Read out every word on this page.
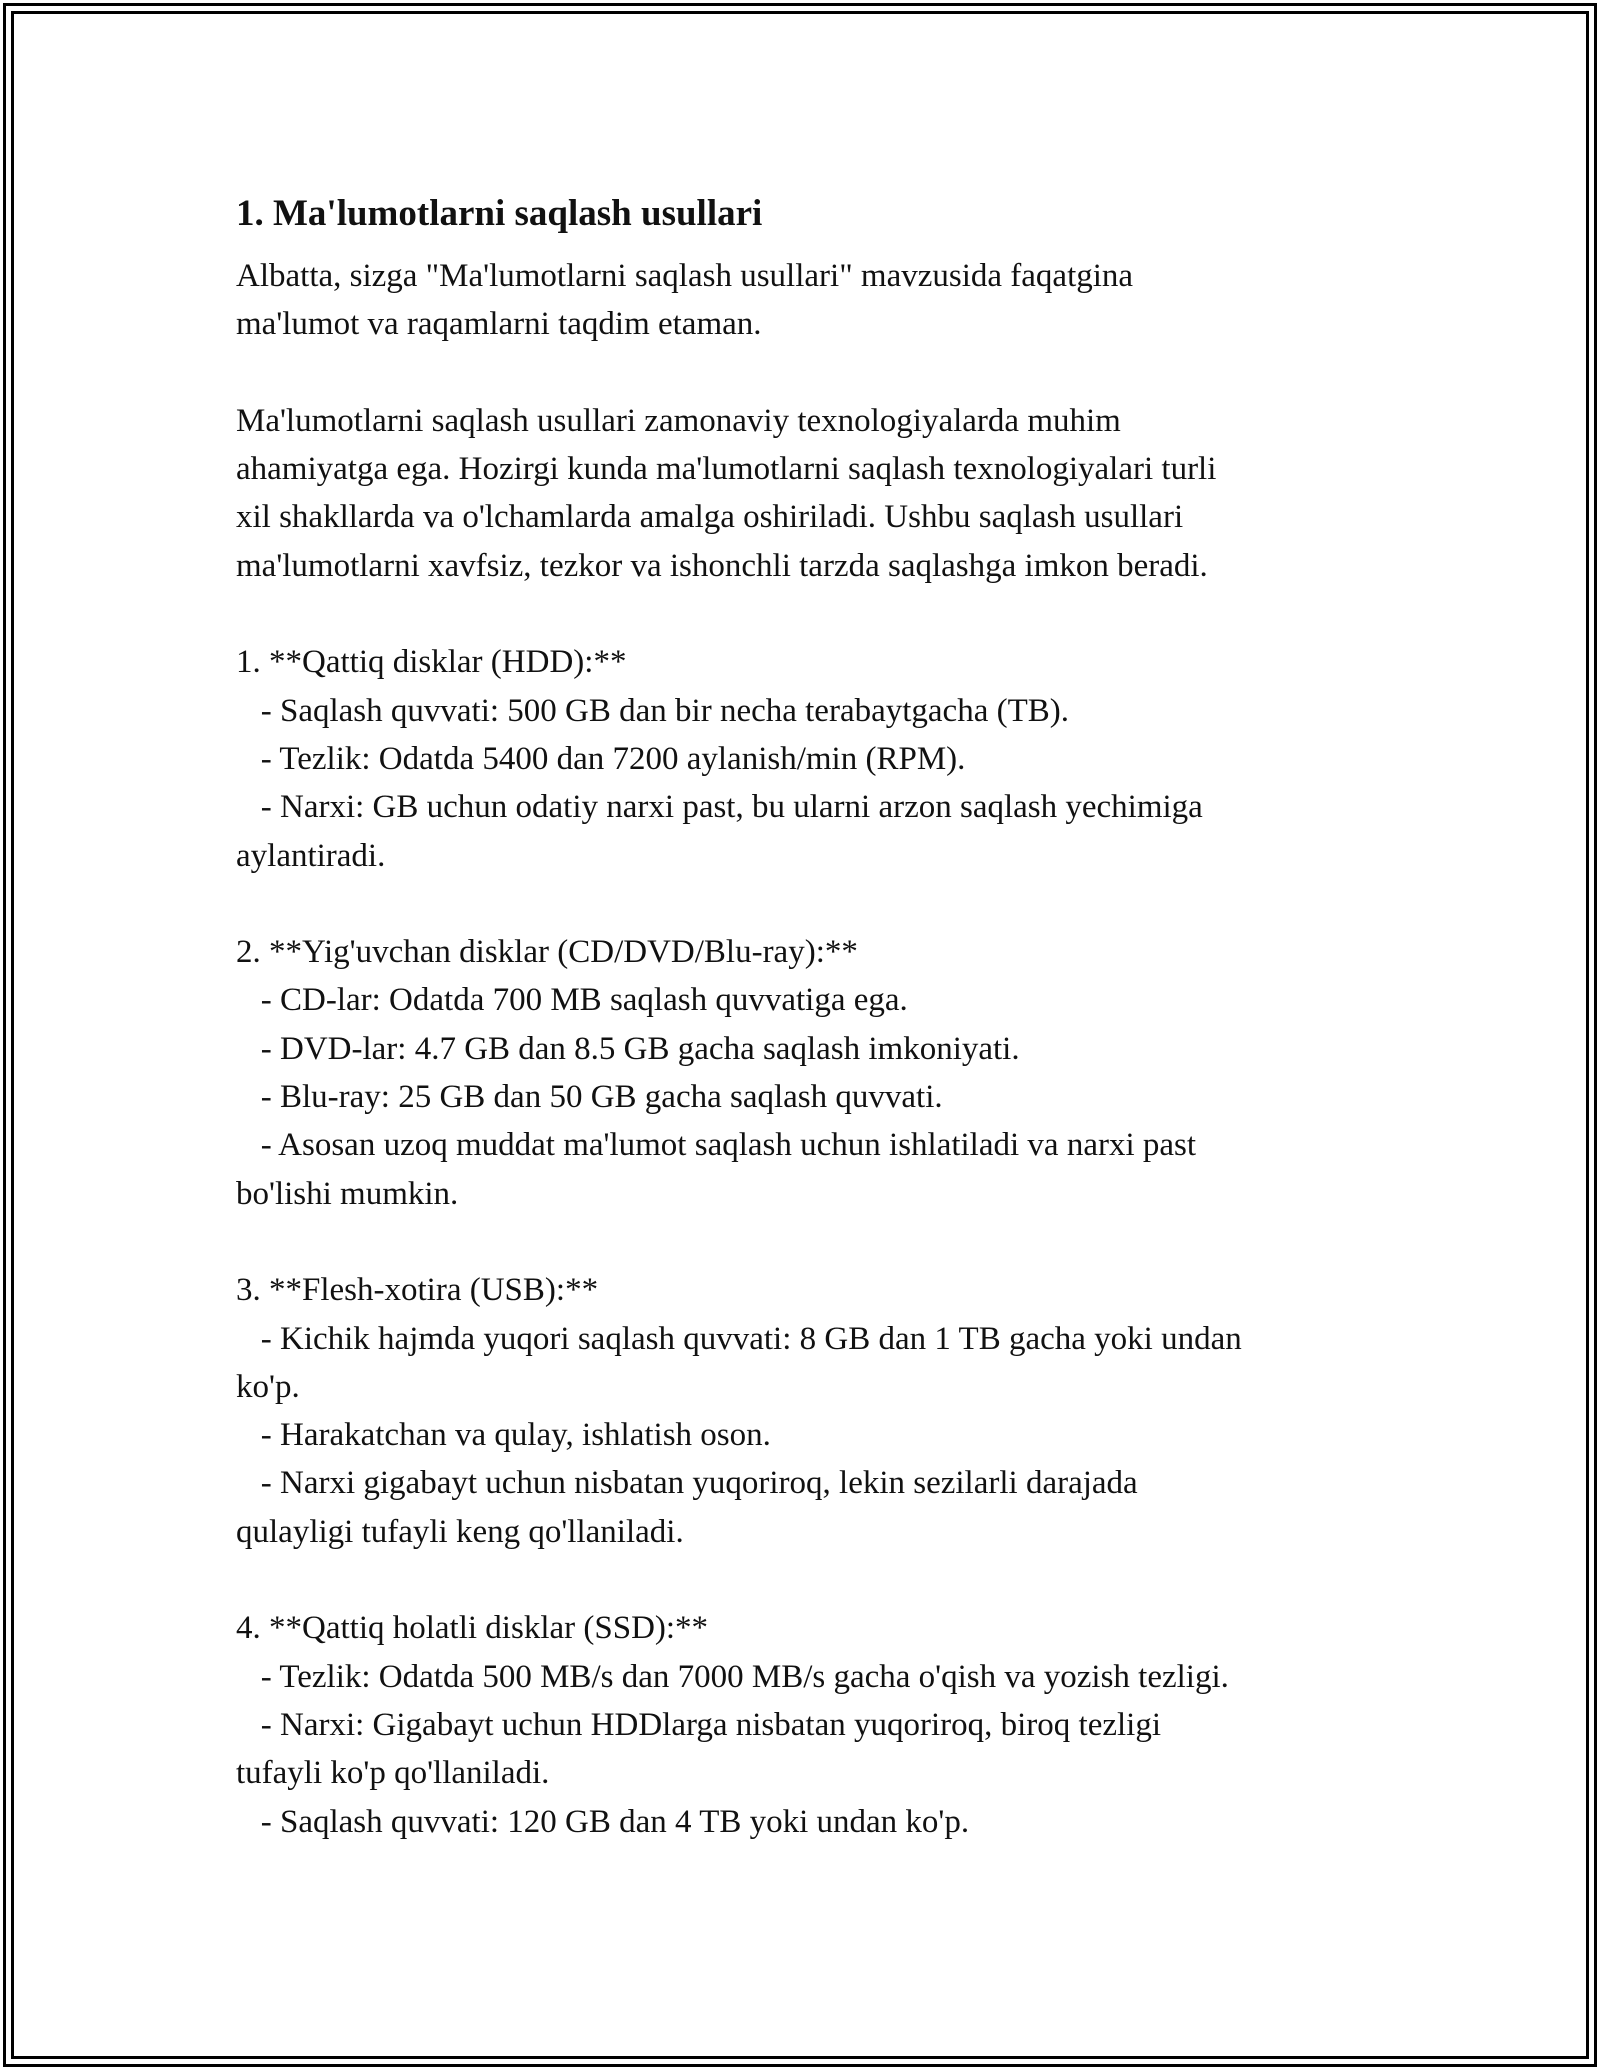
1. Ma'lumotlarni saqlash usullari
Albatta, sizga "Ma'lumotlarni saqlash usullari" mavzusida faqatgina
ma'lumot va raqamlarni taqdim etaman.

Ma'lumotlarni saqlash usullari zamonaviy texnologiyalarda muhim
ahamiyatga ega. Hozirgi kunda ma'lumotlarni saqlash texnologiyalari turli
xil shakllarda va o'lchamlarda amalga oshiriladi. Ushbu saqlash usullari
ma'lumotlarni xavfsiz, tezkor va ishonchli tarzda saqlashga imkon beradi.

1. **Qattiq disklar (HDD):**
- Saqlash quvvati: 500 GB dan bir necha terabaytgacha (TB).
- Tezlik: Odatda 5400 dan 7200 aylanish/min (RPM).
- Narxi: GB uchun odatiy narxi past, bu ularni arzon saqlash yechimiga
aylantiradi.

2. **Yig'uvchan disklar (CD/DVD/Blu-ray):**
- CD-lar: Odatda 700 MB saqlash quvvatiga ega.
- DVD-lar: 4.7 GB dan 8.5 GB gacha saqlash imkoniyati.
- Blu-ray: 25 GB dan 50 GB gacha saqlash quvvati.
- Asosan uzoq muddat ma'lumot saqlash uchun ishlatiladi va narxi past
bo'lishi mumkin.

3. **Flesh-xotira (USB):**
- Kichik hajmda yuqori saqlash quvvati: 8 GB dan 1 TB gacha yoki undan
ko'p.
- Harakatchan va qulay, ishlatish oson.
- Narxi gigabayt uchun nisbatan yuqoriroq, lekin sezilarli darajada
qulayligi tufayli keng qo'llaniladi.

4. **Qattiq holatli disklar (SSD):**
- Tezlik: Odatda 500 MB/s dan 7000 MB/s gacha o'qish va yozish tezligi.
- Narxi: Gigabayt uchun HDDlarga nisbatan yuqoriroq, biroq tezligi
tufayli ko'p qo'llaniladi.
- Saqlash quvvati: 120 GB dan 4 TB yoki undan ko'p.
